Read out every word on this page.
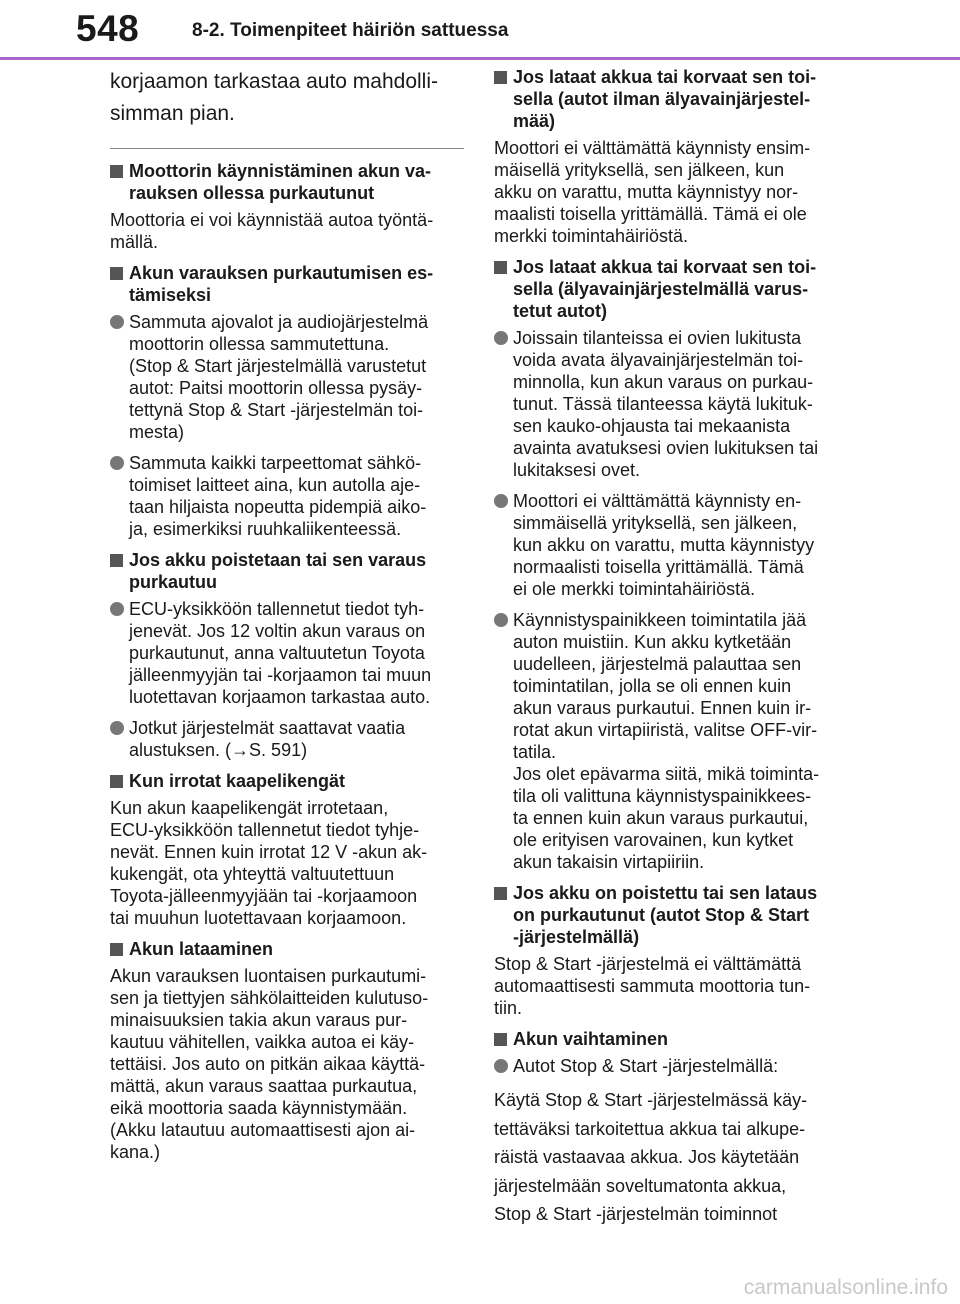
548	8-2. Toimenpiteet häiriön sattuessa
korjaamon tarkastaa auto mahdolli-
simman pian.
Moottorin käynnistäminen akun va-
rauksen ollessa purkautunut
Moottoria ei voi käynnistää autoa työntä-
mällä.
Akun varauksen purkautumisen es-
tämiseksi
Sammuta ajovalot ja audiojärjestelmä
moottorin ollessa sammutettuna.
(Stop & Start järjestelmällä varustetut
autot: Paitsi moottorin ollessa pysäy-
tettynä Stop & Start -järjestelmän toi-
mesta)
Sammuta kaikki tarpeettomat sähkö-
toimiset laitteet aina, kun autolla aje-
taan hiljaista nopeutta pidempiä aiko-
ja, esimerkiksi ruuhkaliikenteessä.
Jos akku poistetaan tai sen varaus
purkautuu
ECU-yksikköön tallennetut tiedot tyh-
jenevät. Jos 12 voltin akun varaus on
purkautunut, anna valtuutetun Toyota
jälleenmyyjän tai -korjaamon tai muun
luotettavan korjaamon tarkastaa auto.
Jotkut järjestelmät saattavat vaatia
alustuksen. (→S. 591)
Kun irrotat kaapelikengät
Kun akun kaapelikengät irrotetaan,
ECU-yksikköön tallennetut tiedot tyhje-
nevät. Ennen kuin irrotat 12 V -akun ak-
kukengät, ota yhteyttä valtuutettuun
Toyota-jälleenmyyjään tai -korjaamoon
tai muuhun luotettavaan korjaamoon.
Akun lataaminen
Akun varauksen luontaisen purkautumi-
sen ja tiettyjen sähkölaitteiden kulutuso-
minaisuuksien takia akun varaus pur-
kautuu vähitellen, vaikka autoa ei käy-
tettäisi. Jos auto on pitkän aikaa käyttä-
mättä, akun varaus saattaa purkautua,
eikä moottoria saada käynnistymään.
(Akku latautuu automaattisesti ajon ai-
kana.)
Jos lataat akkua tai korvaat sen toi-
sella (autot ilman älyavainjärjestel-
mää)
Moottori ei välttämättä käynnisty ensim-
mäisellä yrityksellä, sen jälkeen, kun
akku on varattu, mutta käynnistyy nor-
maalisti toisella yrittämällä. Tämä ei ole
merkki toimintahäiriöstä.
Jos lataat akkua tai korvaat sen toi-
sella (älyavainjärjestelmällä varus-
tetut autot)
Joissain tilanteissa ei ovien lukitusta
voida avata älyavainjärjestelmän toi-
minnolla, kun akun varaus on purkau-
tunut. Tässä tilanteessa käytä lukituk-
sen kauko-ohjausta tai mekaanista
avainta avatuksesi ovien lukituksen tai
lukitaksesi ovet.
Moottori ei välttämättä käynnisty en-
simmäisellä yrityksellä, sen jälkeen,
kun akku on varattu, mutta käynnistyy
normaalisti toisella yrittämällä. Tämä
ei ole merkki toimintahäiriöstä.
Käynnistyspainikkeen toimintatila jää
auton muistiin. Kun akku kytketään
uudelleen, järjestelmä palauttaa sen
toimintatilan, jolla se oli ennen kuin
akun varaus purkautui. Ennen kuin ir-
rotat akun virtapiiristä, valitse OFF-vir-
tatila.
Jos olet epävarma siitä, mikä toiminta-
tila oli valittuna käynnistyspainikkees-
ta ennen kuin akun varaus purkautui,
ole erityisen varovainen, kun kytket
akun takaisin virtapiiriin.
Jos akku on poistettu tai sen lataus
on purkautunut (autot Stop & Start
-järjestelmällä)
Stop & Start -järjestelmä ei välttämättä
automaattisesti sammuta moottoria tun-
tiin.
Akun vaihtaminen
Autot Stop & Start -järjestelmällä:
Käytä Stop & Start -järjestelmässä käy-
tettäväksi tarkoitettua akkua tai alkupe-
räistä vastaavaa akkua. Jos käytetään
järjestelmään soveltumatonta akkua,
Stop & Start -järjestelmän toiminnot
carmanualsonline.info
